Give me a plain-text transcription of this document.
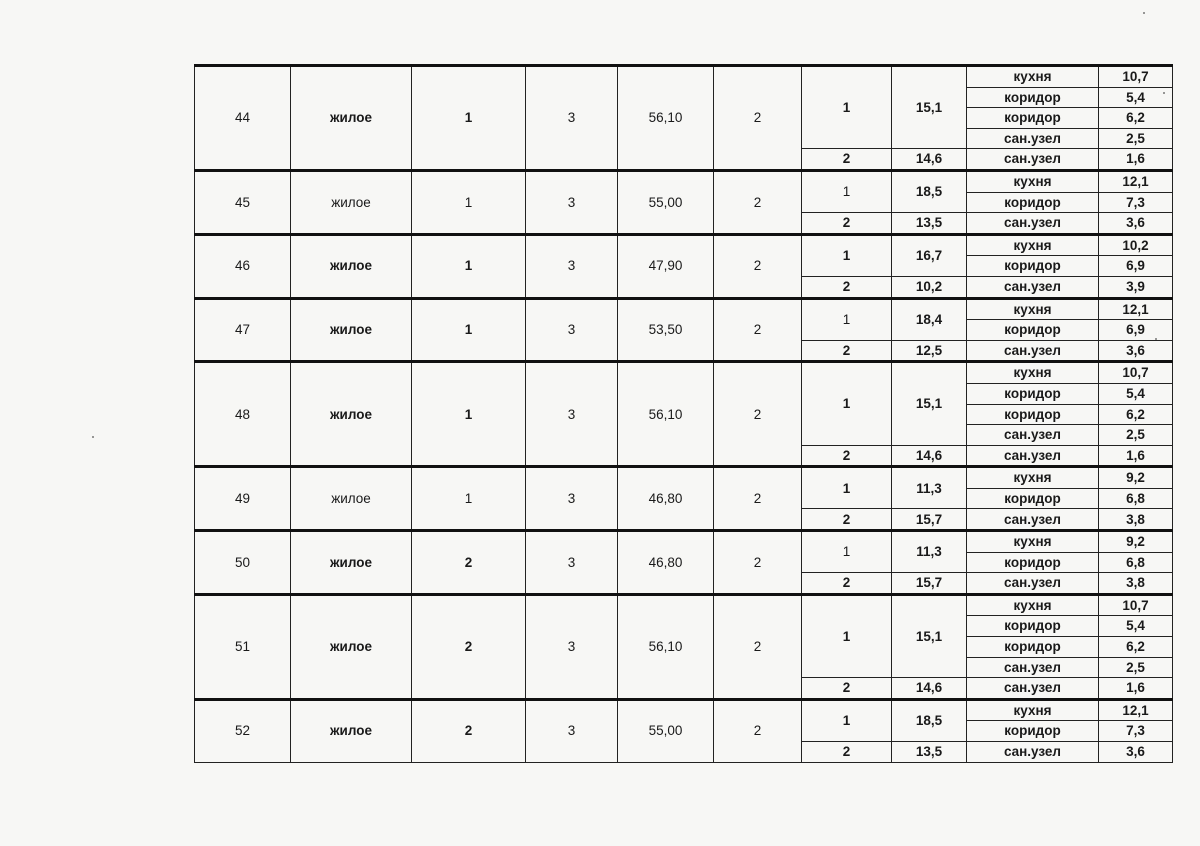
44	жилое	1	3	56,10	2	1	15,1	кухня	10,7
								коридор	5,4
								коридор	6,2
								сан.узел	2,5
						2	14,6	сан.узел	1,6
45	жилое	1	3	55,00	2	1	18,5	кухня	12,1
								коридор	7,3
						2	13,5	сан.узел	3,6
46	жилое	1	3	47,90	2	1	16,7	кухня	10,2
								коридор	6,9
						2	10,2	сан.узел	3,9
47	жилое	1	3	53,50	2	1	18,4	кухня	12,1
								коридор	6,9
						2	12,5	сан.узел	3,6
48	жилое	1	3	56,10	2	1	15,1	кухня	10,7
								коридор	5,4
								коридор	6,2
								сан.узел	2,5
						2	14,6	сан.узел	1,6
49	жилое	1	3	46,80	2	1	11,3	кухня	9,2
								коридор	6,8
						2	15,7	сан.узел	3,8
50	жилое	2	3	46,80	2	1	11,3	кухня	9,2
								коридор	6,8
						2	15,7	сан.узел	3,8
51	жилое	2	3	56,10	2	1	15,1	кухня	10,7
								коридор	5,4
								коридор	6,2
								сан.узел	2,5
						2	14,6	сан.узел	1,6
52	жилое	2	3	55,00	2	1	18,5	кухня	12,1
								коридор	7,3
						2	13,5	сан.узел	3,6
